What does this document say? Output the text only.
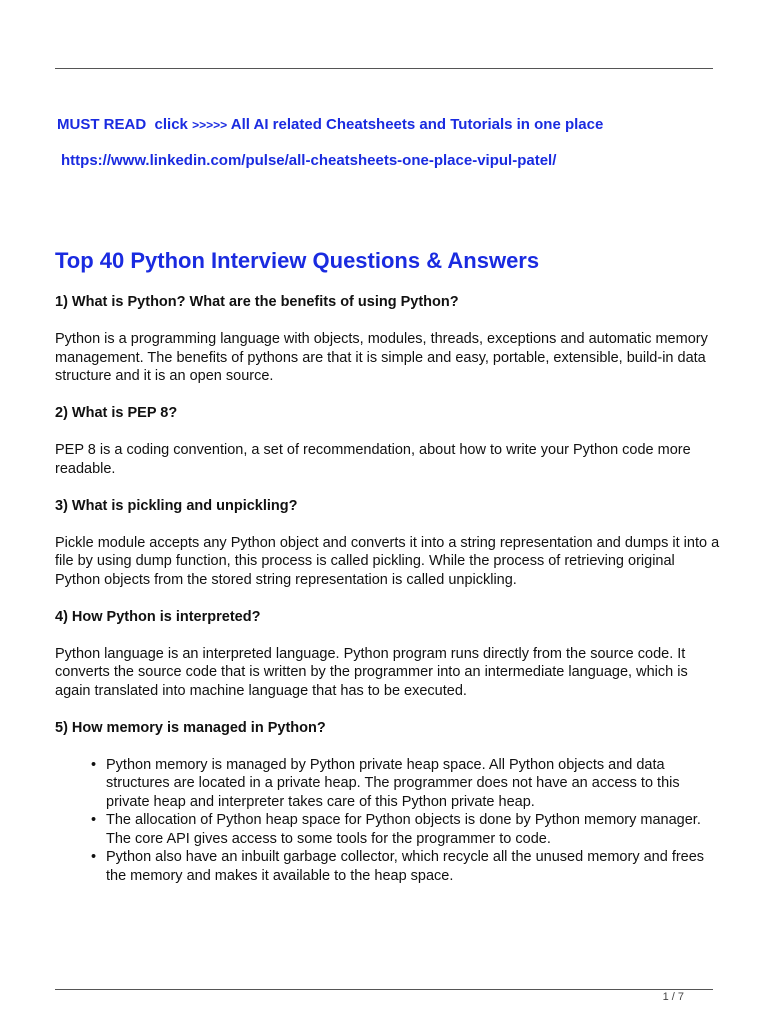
MUST READ click >>>>> All AI related Cheatsheets and Tutorials in one place
https://www.linkedin.com/pulse/all-cheatsheets-one-place-vipul-patel/
Top 40 Python Interview Questions & Answers

1) What is Python? What are the benefits of using Python?

Python is a programming language with objects, modules, threads, exceptions and automatic memory management. The benefits of pythons are that it is simple and easy, portable, extensible, build-in data structure and it is an open source.

2) What is PEP 8?

PEP 8 is a coding convention, a set of recommendation, about how to write your Python code more readable.

3) What is pickling and unpickling?

Pickle module accepts any Python object and converts it into a string representation and dumps it into a file by using dump function, this process is called pickling. While the process of retrieving original Python objects from the stored string representation is called unpickling.

4) How Python is interpreted?

Python language is an interpreted language. Python program runs directly from the source code. It converts the source code that is written by the programmer into an intermediate language, which is again translated into machine language that has to be executed.

5) How memory is managed in Python?

• Python memory is managed by Python private heap space. All Python objects and data structures are located in a private heap. The programmer does not have an access to this private heap and interpreter takes care of this Python private heap.
• The allocation of Python heap space for Python objects is done by Python memory manager. The core API gives access to some tools for the programmer to code.
• Python also have an inbuilt garbage collector, which recycle all the unused memory and frees the memory and makes it available to the heap space.
1 / 7
